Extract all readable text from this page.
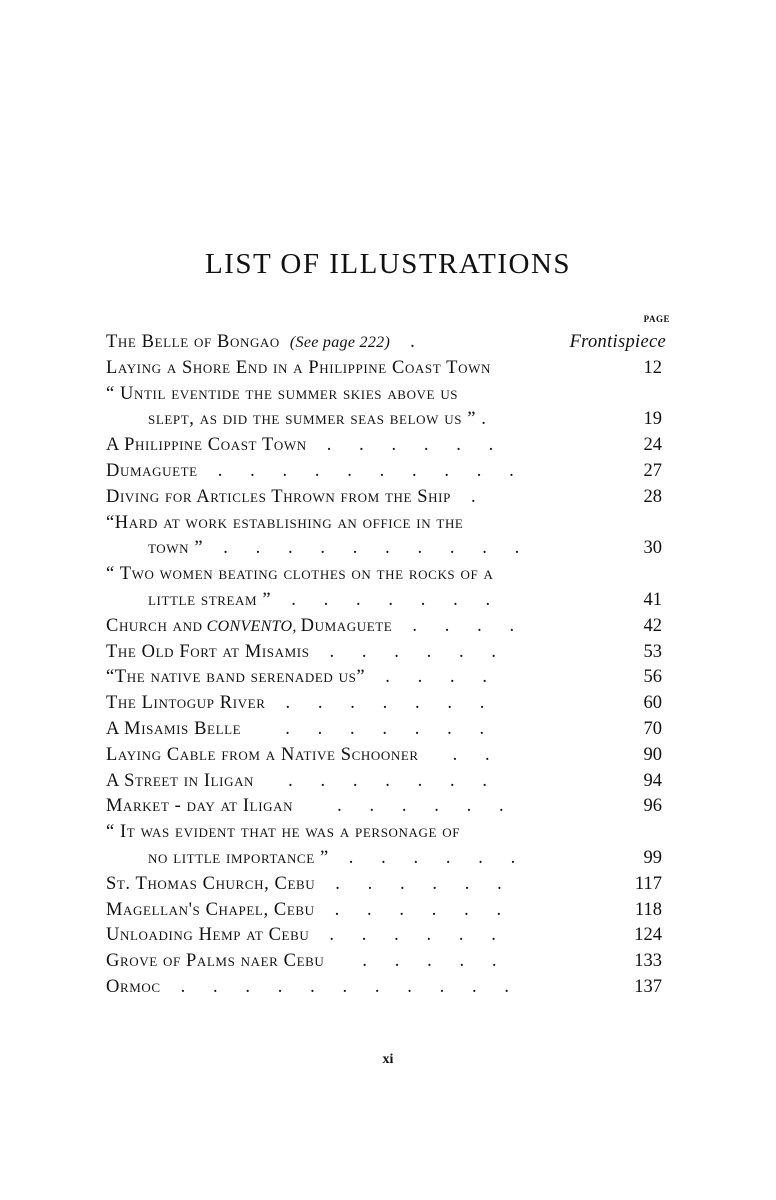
LIST OF ILLUSTRATIONS
PAGE
The Belle of Bongao (See page 222) .	Frontispiece
Laying a Shore End in a Philippine Coast Town	12
“ Until eventide the summer skies above us
slept, as did the summer seas below us ” .	19
A Philippine Coast Town .  .  .  .  .  .	24
Dumaguete .  .  .  .  .  .  .  .  .  .	27
Diving for Articles Thrown from the Ship .	28
“Hard at work establishing an office in the
town ” .  .  .  .  .  .  .  .  .  .	30
“ Two women beating clothes on the rocks of a
little stream ” .  .  .  .  .  .  .	41
Church and CONVENTO, Dumaguete .  .  .  .	42
The Old Fort at Misamis .  .  .  .  .  .	53
“The native band serenaded us” .  .  .  .	56
The Lintogup River .  .  .  .  .  .  .	60
A Misamis Belle .  .  .  .  .  .  .	70
Laying Cable from a Native Schooner .  .	90
A Street in Iligan .  .  .  .  .  .  .	94
Market - day at Iligan .  .  .  .  .  .	96
“ It was evident that he was a personage of
no little importance ” .  .  .  .  .  .	99
St. Thomas Church, Cebu .  .  .  .  .  .	117
Magellan's Chapel, Cebu .  .  .  .  .  .	118
Unloading Hemp at Cebu .  .  .  .  .  .	124
Grove of Palms naer Cebu .  .  .  .  .	133
Ormoc .  .  .  .  .  .  .  .  .  .  .	137
xi
